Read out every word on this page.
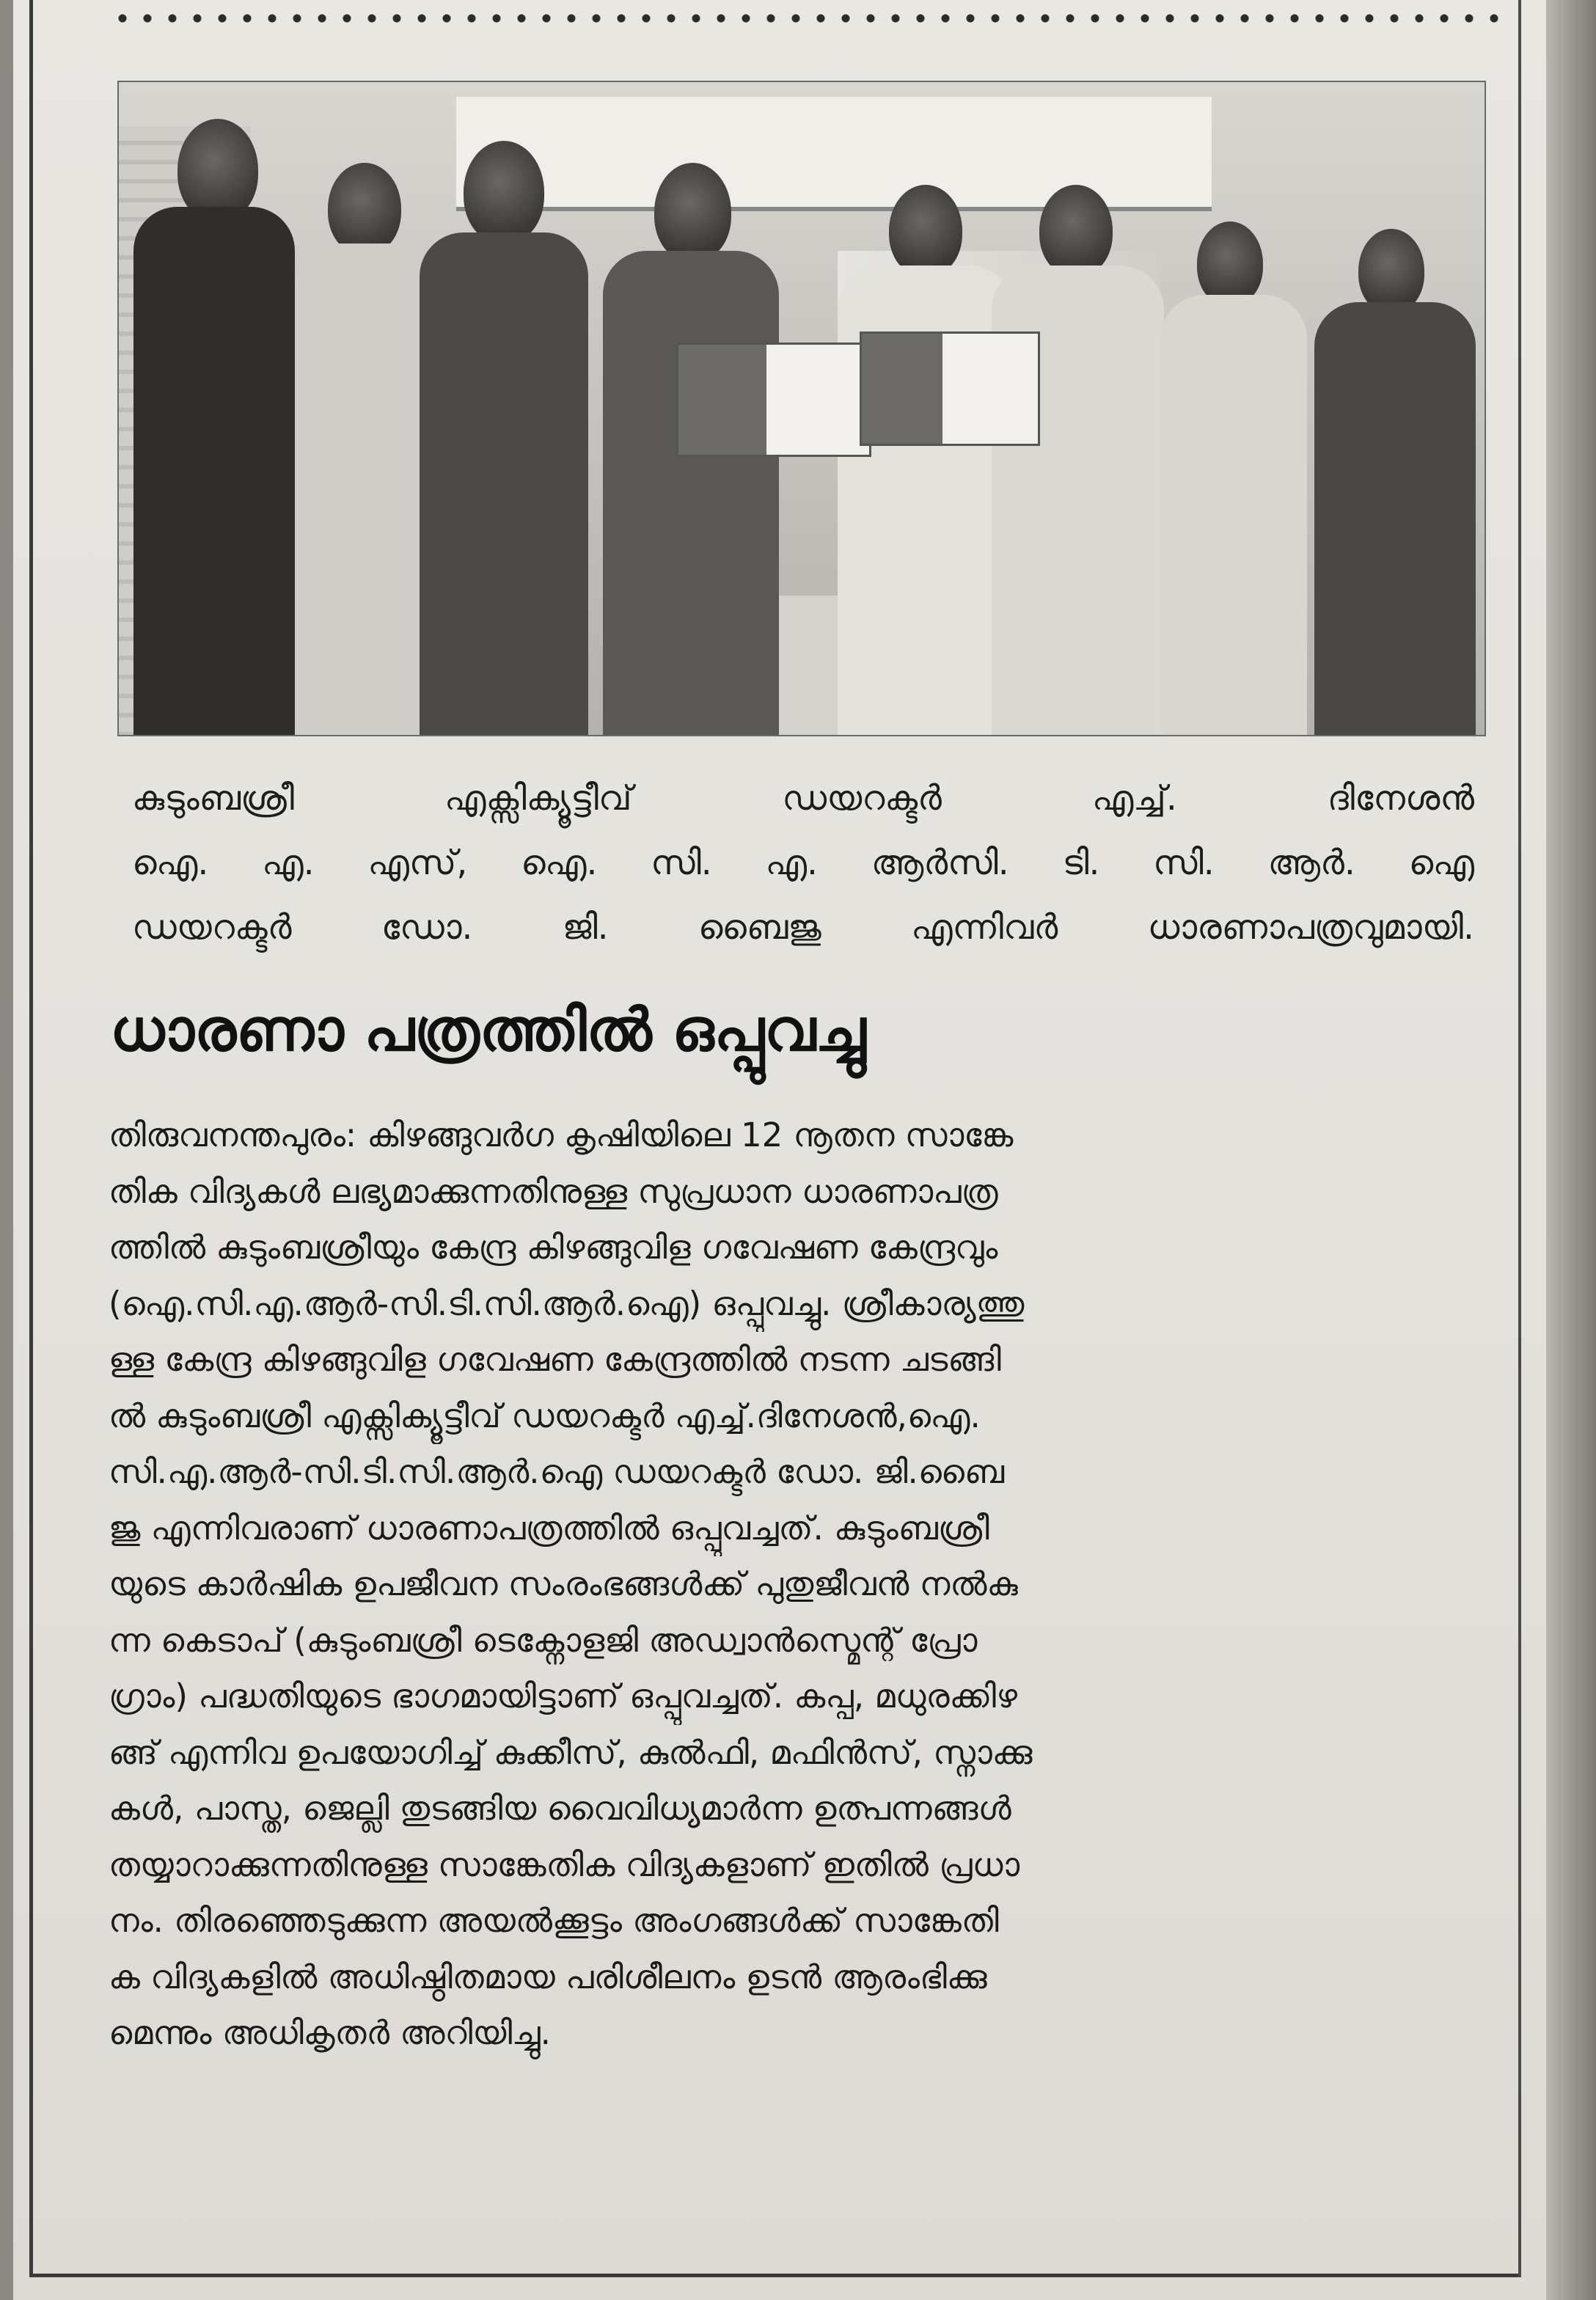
കുടുംബശ്രീ എക്സിക്യൂട്ടീവ് ഡയറക്ടർ എച്ച്. ദിനേശൻ
ഐ. എ. എസ്, ഐ. സി. എ. ആർസി. ടി. സി. ആർ. ഐ
ഡയറക്ടർ ഡോ. ജി. ബൈജു എന്നിവർ ധാരണാപത്രവുമായി.
ധാരണാ പത്രത്തിൽ ഒപ്പുവച്ചു
തിരുവനന്തപുരം: കിഴങ്ങുവർഗ കൃഷിയിലെ 12 നൂതന സാങ്കേ
തിക വിദ്യകൾ ലഭ്യമാക്കുന്നതിനുള്ള സുപ്രധാന ധാരണാപത്ര
ത്തിൽ കുടുംബശ്രീയും കേന്ദ്ര കിഴങ്ങുവിള ഗവേഷണ കേന്ദ്രവും
(ഐ.സി.എ.ആർ-സി.ടി.സി.ആർ.ഐ) ഒപ്പുവച്ചു. ശ്രീകാര്യത്തു
ള്ള കേന്ദ്ര കിഴങ്ങുവിള ഗവേഷണ കേന്ദ്രത്തിൽ നടന്ന ചടങ്ങി
ൽ കുടുംബശ്രീ എക്സിക്യൂട്ടീവ് ഡയറക്ടർ എച്ച്.ദിനേശൻ,ഐ.
സി.എ.ആർ-സി.ടി.സി.ആർ.ഐ ഡയറക്ടർ ഡോ. ജി.ബൈ
ജു എന്നിവരാണ് ധാരണാപത്രത്തിൽ ഒപ്പുവച്ചത്. കുടുംബശ്രീ
യുടെ കാർഷിക ഉപജീവന സംരംഭങ്ങൾക്ക് പുതുജീവൻ നൽകു
ന്ന കെടാപ് (കുടുംബശ്രീ ടെക്നോളജി അഡ്വാൻസ്മെന്റ് പ്രോ
ഗ്രാം) പദ്ധതിയുടെ ഭാഗമായിട്ടാണ് ഒപ്പുവച്ചത്. കപ്പ, മധുരക്കിഴ
ങ്ങ് എന്നിവ ഉപയോഗിച്ച് കുക്കീസ്, കുൽഫി, മഫിൻസ്, സ്നാക്കു
കൾ, പാസ്ത, ജെല്ലി തുടങ്ങിയ വൈവിധ്യമാർന്ന ഉത്പന്നങ്ങൾ
തയ്യാറാക്കുന്നതിനുള്ള സാങ്കേതിക വിദ്യകളാണ് ഇതിൽ പ്രധാ
നം. തിരഞ്ഞെടുക്കുന്ന അയൽക്കൂട്ടം അംഗങ്ങൾക്ക് സാങ്കേതി
ക വിദ്യകളിൽ അധിഷ്ഠിതമായ പരിശീലനം ഉടൻ ആരംഭിക്കു
മെന്നും അധികൃതർ അറിയിച്ചു.
